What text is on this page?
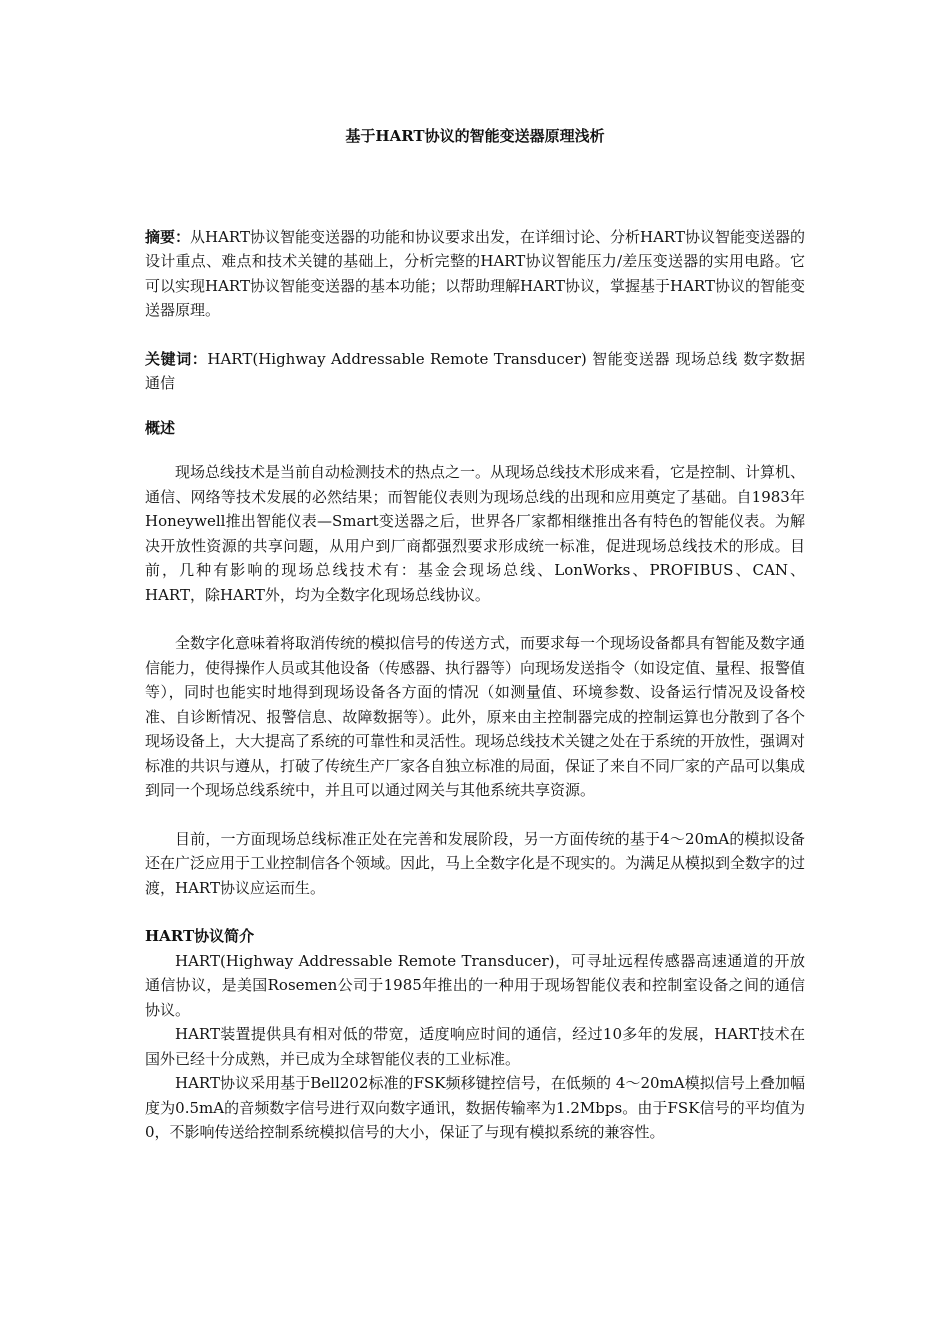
基于HART协议的智能变送器原理浅析

摘要：从HART协议智能变送器的功能和协议要求出发，在详细讨论、分析HART协议智能变送器的设计重点、难点和技术关键的基础上，分析完整的HART协议智能压力/差压变送器的实用电路。它可以实现HART协议智能变送器的基本功能；以帮助理解HART协议，掌握基于HART协议的智能变送器原理。

关键词：HART(Highway Addressable Remote Transducer) 智能变送器 现场总线 数字数据通信

概述

现场总线技术是当前自动检测技术的热点之一。从现场总线技术形成来看，它是控制、计算机、通信、网络等技术发展的必然结果；而智能仪表则为现场总线的出现和应用奠定了基础。自1983年Honeywell推出智能仪表—Smart变送器之后，世界各厂家都相继推出各有特色的智能仪表。为解决开放性资源的共享问题，从用户到厂商都强烈要求形成统一标准，促进现场总线技术的形成。目前，几种有影响的现场总线技术有：基金会现场总线、LonWorks、PROFIBUS、CAN、HART，除HART外，均为全数字化现场总线协议。

全数字化意味着将取消传统的模拟信号的传送方式，而要求每一个现场设备都具有智能及数字通信能力，使得操作人员或其他设备（传感器、执行器等）向现场发送指令（如设定值、量程、报警值等），同时也能实时地得到现场设备各方面的情况（如测量值、环境参数、设备运行情况及设备校准、自诊断情况、报警信息、故障数据等）。此外，原来由主控制器完成的控制运算也分散到了各个现场设备上，大大提高了系统的可靠性和灵活性。现场总线技术关键之处在于系统的开放性，强调对标准的共识与遵从，打破了传统生产厂家各自独立标准的局面，保证了来自不同厂家的产品可以集成到同一个现场总线系统中，并且可以通过网关与其他系统共享资源。

目前，一方面现场总线标准正处在完善和发展阶段，另一方面传统的基于4～20mA的模拟设备还在广泛应用于工业控制信各个领域。因此，马上全数字化是不现实的。为满足从模拟到全数字的过渡，HART协议应运而生。

HART协议简介

HART(Highway Addressable Remote Transducer)，可寻址远程传感器高速通道的开放通信协议，是美国Rosemen公司于1985年推出的一种用于现场智能仪表和控制室设备之间的通信协议。

HART装置提供具有相对低的带宽，适度响应时间的通信，经过10多年的发展，HART技术在国外已经十分成熟，并已成为全球智能仪表的工业标准。

HART协议采用基于Bell202标准的FSK频移键控信号，在低频的 4～20mA模拟信号上叠加幅度为0.5mA的音频数字信号进行双向数字通讯，数据传输率为1.2Mbps。由于FSK信号的平均值为0，不影响传送给控制系统模拟信号的大小，保证了与现有模拟系统的兼容性。
